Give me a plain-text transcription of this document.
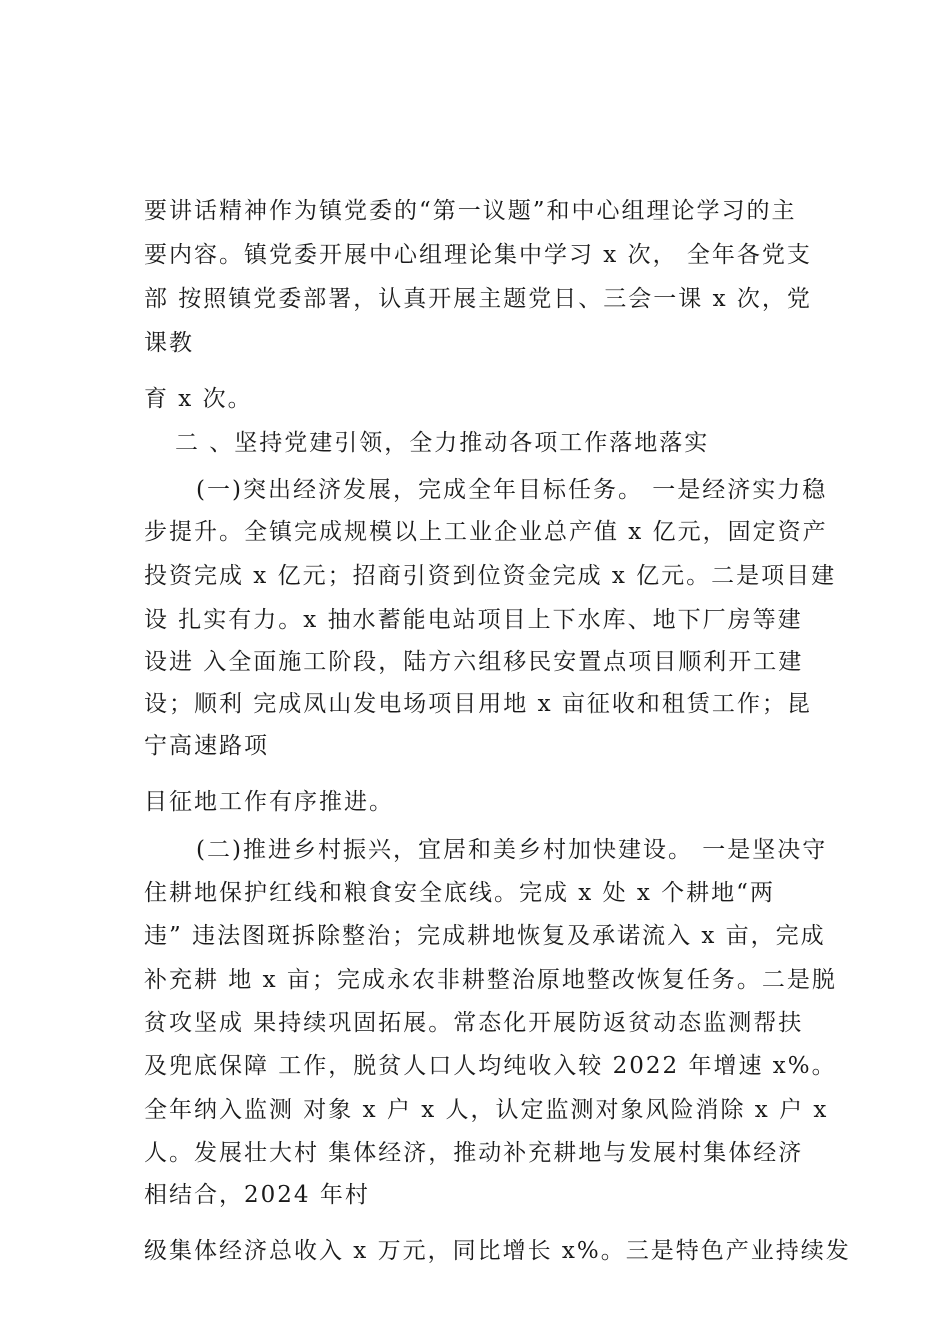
要讲话精神作为镇党委的“第一议题”和中心组理论学习的主
要内容。镇党委开展中心组理论集中学习 x 次， 全年各党支
部 按照镇党委部署，认真开展主题党日、三会一课 x 次，党
课教
育 x 次。
二 、坚持党建引领，全力推动各项工作落地落实
(一)突出经济发展，完成全年目标任务。 一是经济实力稳
步提升。全镇完成规模以上工业企业总产值 x 亿元，固定资产
投资完成 x 亿元；招商引资到位资金完成 x 亿元。二是项目建
设 扎实有力。x 抽水蓄能电站项目上下水库、地下厂房等建
设进 入全面施工阶段，陆方六组移民安置点项目顺利开工建
设；顺利 完成凤山发电场项目用地 x 亩征收和租赁工作；昆
宁高速路项
目征地工作有序推进。
(二)推进乡村振兴，宜居和美乡村加快建设。 一是坚决守
住耕地保护红线和粮食安全底线。完成 x 处 x 个耕地“两
违” 违法图斑拆除整治；完成耕地恢复及承诺流入 x 亩，完成
补充耕 地 x 亩；完成永农非耕整治原地整改恢复任务。二是脱
贫攻坚成 果持续巩固拓展。常态化开展防返贫动态监测帮扶
及兜底保障 工作，脱贫人口人均纯收入较 2022 年增速 x%。
全年纳入监测 对象 x 户 x 人，认定监测对象风险消除 x 户 x
人。发展壮大村 集体经济，推动补充耕地与发展村集体经济
相结合，2024 年村
级集体经济总收入 x 万元，同比增长 x%。三是特色产业持续发
